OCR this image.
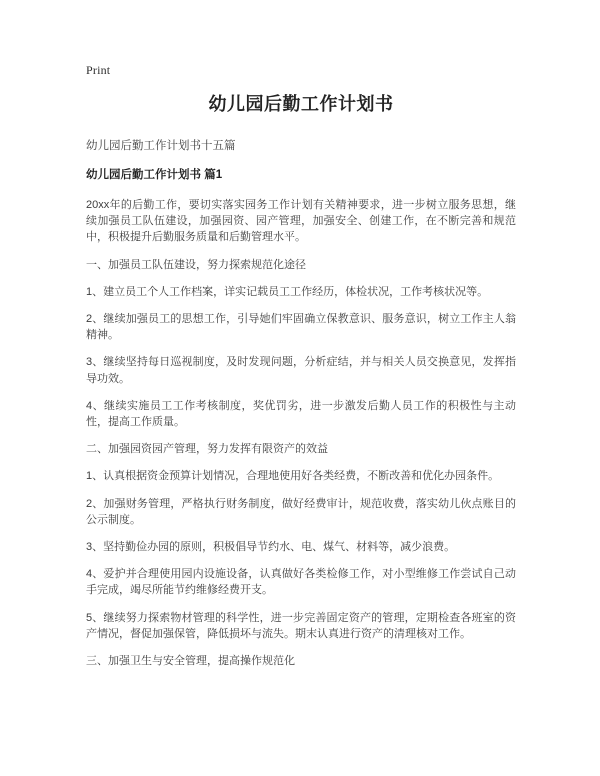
Print
幼儿园后勤工作计划书

幼儿园后勤工作计划书十五篇

幼儿园后勤工作计划书 篇1

20xx年的后勤工作，要切实落实园务工作计划有关精神要求，进一步树立服务思想，继续加强员工队伍建设，加强园资、园产管理，加强安全、创建工作，在不断完善和规范中，积极提升后勤服务质量和后勤管理水平。

一、加强员工队伍建设，努力探索规范化途径

1、建立员工个人工作档案，详实记载员工工作经历，体检状况，工作考核状况等。

2、继续加强员工的思想工作，引导她们牢固确立保教意识、服务意识，树立工作主人翁精神。

3、继续坚持每日巡视制度，及时发现问题，分析症结，并与相关人员交换意见，发挥指导功效。

4、继续实施员工工作考核制度，奖优罚劣，进一步激发后勤人员工作的积极性与主动性，提高工作质量。

二、加强园资园产管理，努力发挥有限资产的效益

1、认真根据资金预算计划情况，合理地使用好各类经费，不断改善和优化办园条件。

2、加强财务管理，严格执行财务制度，做好经费审计，规范收费，落实幼儿伙点账目的公示制度。

3、坚持勤俭办园的原则，积极倡导节约水、电、煤气、材料等，减少浪费。

4、爱护并合理使用园内设施设备，认真做好各类检修工作，对小型维修工作尝试自己动手完成，竭尽所能节约维修经费开支。

5、继续努力探索物材管理的科学性，进一步完善固定资产的管理，定期检查各班室的资产情况，督促加强保管，降低损坏与流失。期末认真进行资产的清理核对工作。

三、加强卫生与安全管理，提高操作规范化
